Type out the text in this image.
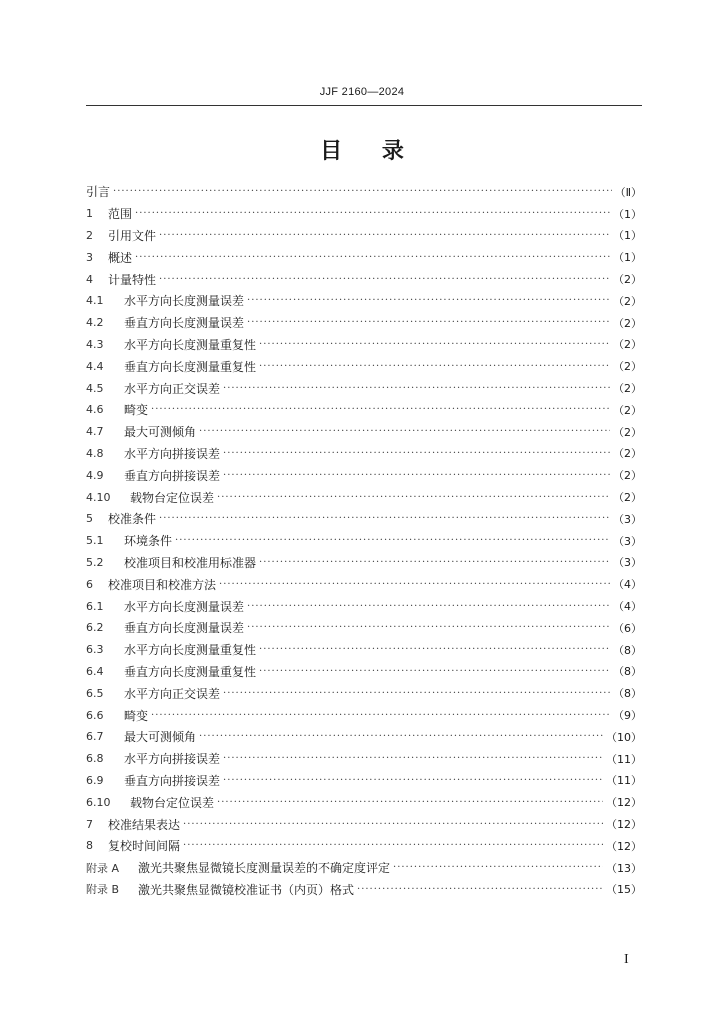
JJF 2160—2024
目 录
引言 ·····	（Ⅱ）
1	范围 ·····	（1）
2	引用文件 ·····	（1）
3	概述 ·····	（1）
4	计量特性 ·····	（2）
4.1	水平方向长度测量误差 ·····	（2）
4.2	垂直方向长度测量误差 ·····	（2）
4.3	水平方向长度测量重复性 ·····	（2）
4.4	垂直方向长度测量重复性 ·····	（2）
4.5	水平方向正交误差 ·····	（2）
4.6	畸变 ·····	（2）
4.7	最大可测倾角 ·····	（2）
4.8	水平方向拼接误差 ·····	（2）
4.9	垂直方向拼接误差 ·····	（2）
4.10	载物台定位误差 ·····	（2）
5	校准条件 ·····	（3）
5.1	环境条件 ·····	（3）
5.2	校准项目和校准用标准器 ·····	（3）
6	校准项目和校准方法 ·····	（4）
6.1	水平方向长度测量误差 ·····	（4）
6.2	垂直方向长度测量误差 ·····	（6）
6.3	水平方向长度测量重复性 ·····	（8）
6.4	垂直方向长度测量重复性 ·····	（8）
6.5	水平方向正交误差 ·····	（8）
6.6	畸变 ·····	（9）
6.7	最大可测倾角 ·····	（10）
6.8	水平方向拼接误差 ·····	（11）
6.9	垂直方向拼接误差 ·····	（11）
6.10	载物台定位误差 ·····	（12）
7	校准结果表达 ·····	（12）
8	复校时间间隔 ·····	（12）
附录 A	激光共聚焦显微镜长度测量误差的不确定度评定 ·····	（13）
附录 B	激光共聚焦显微镜校准证书（内页）格式 ·····	（15）
I
